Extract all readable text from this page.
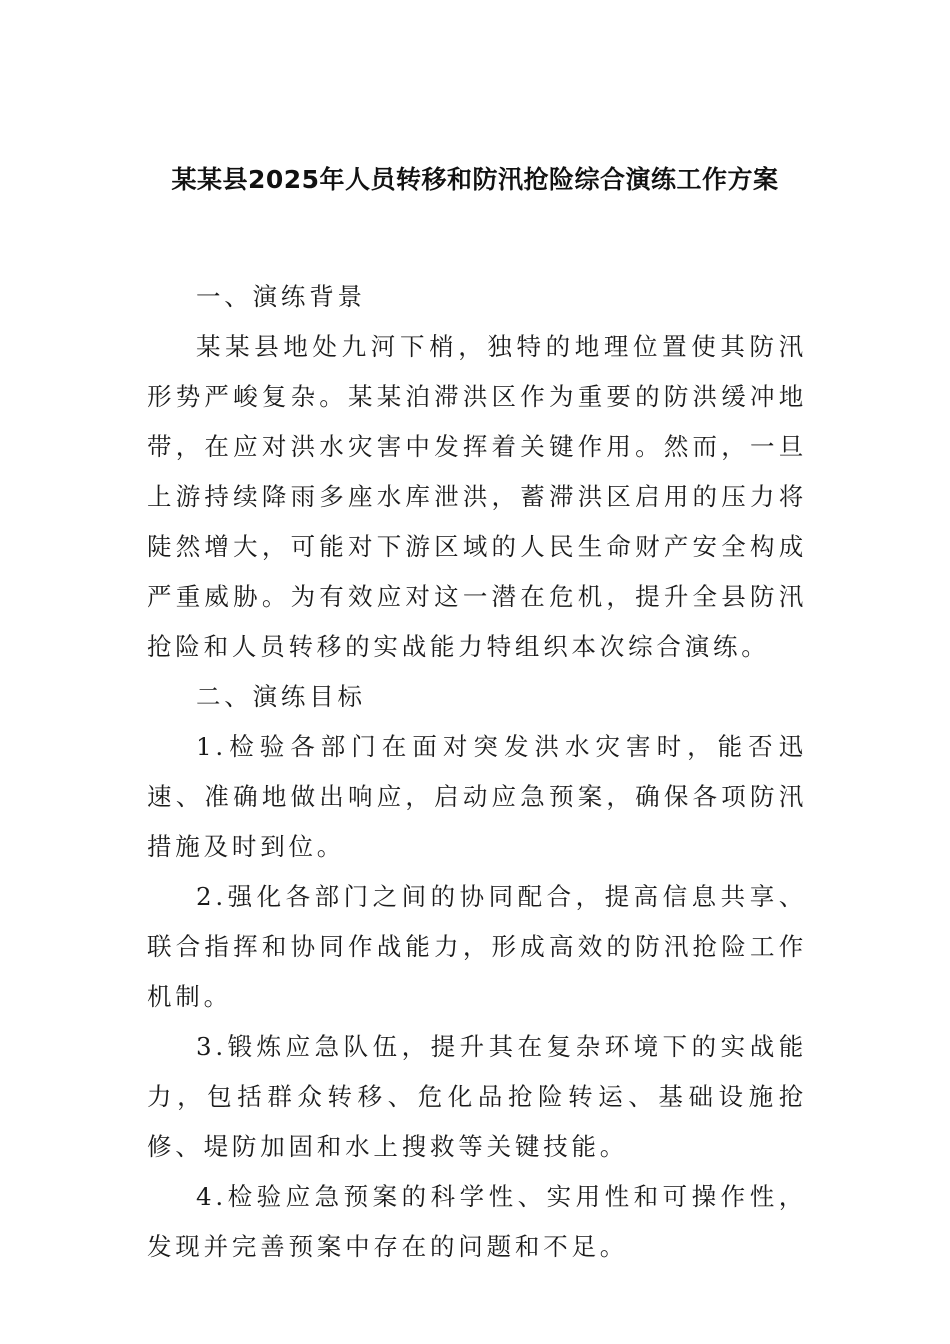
某某县2025年人员转移和防汛抢险综合演练工作方案

一、演练背景

某某县地处九河下梢，独特的地理位置使其防汛形势严峻复杂。某某泊滞洪区作为重要的防洪缓冲地带，在应对洪水灾害中发挥着关键作用。然而，一旦上游持续降雨多座水库泄洪，蓄滞洪区启用的压力将陡然增大，可能对下游区域的人民生命财产安全构成严重威胁。为有效应对这一潜在危机，提升全县防汛抢险和人员转移的实战能力特组织本次综合演练。

二、演练目标

1.检验各部门在面对突发洪水灾害时，能否迅速、准确地做出响应，启动应急预案，确保各项防汛措施及时到位。

2.强化各部门之间的协同配合，提高信息共享、联合指挥和协同作战能力，形成高效的防汛抢险工作机制。

3.锻炼应急队伍，提升其在复杂环境下的实战能力，包括群众转移、危化品抢险转运、基础设施抢修、堤防加固和水上搜救等关键技能。

4.检验应急预案的科学性、实用性和可操作性，发现并完善预案中存在的问题和不足。
